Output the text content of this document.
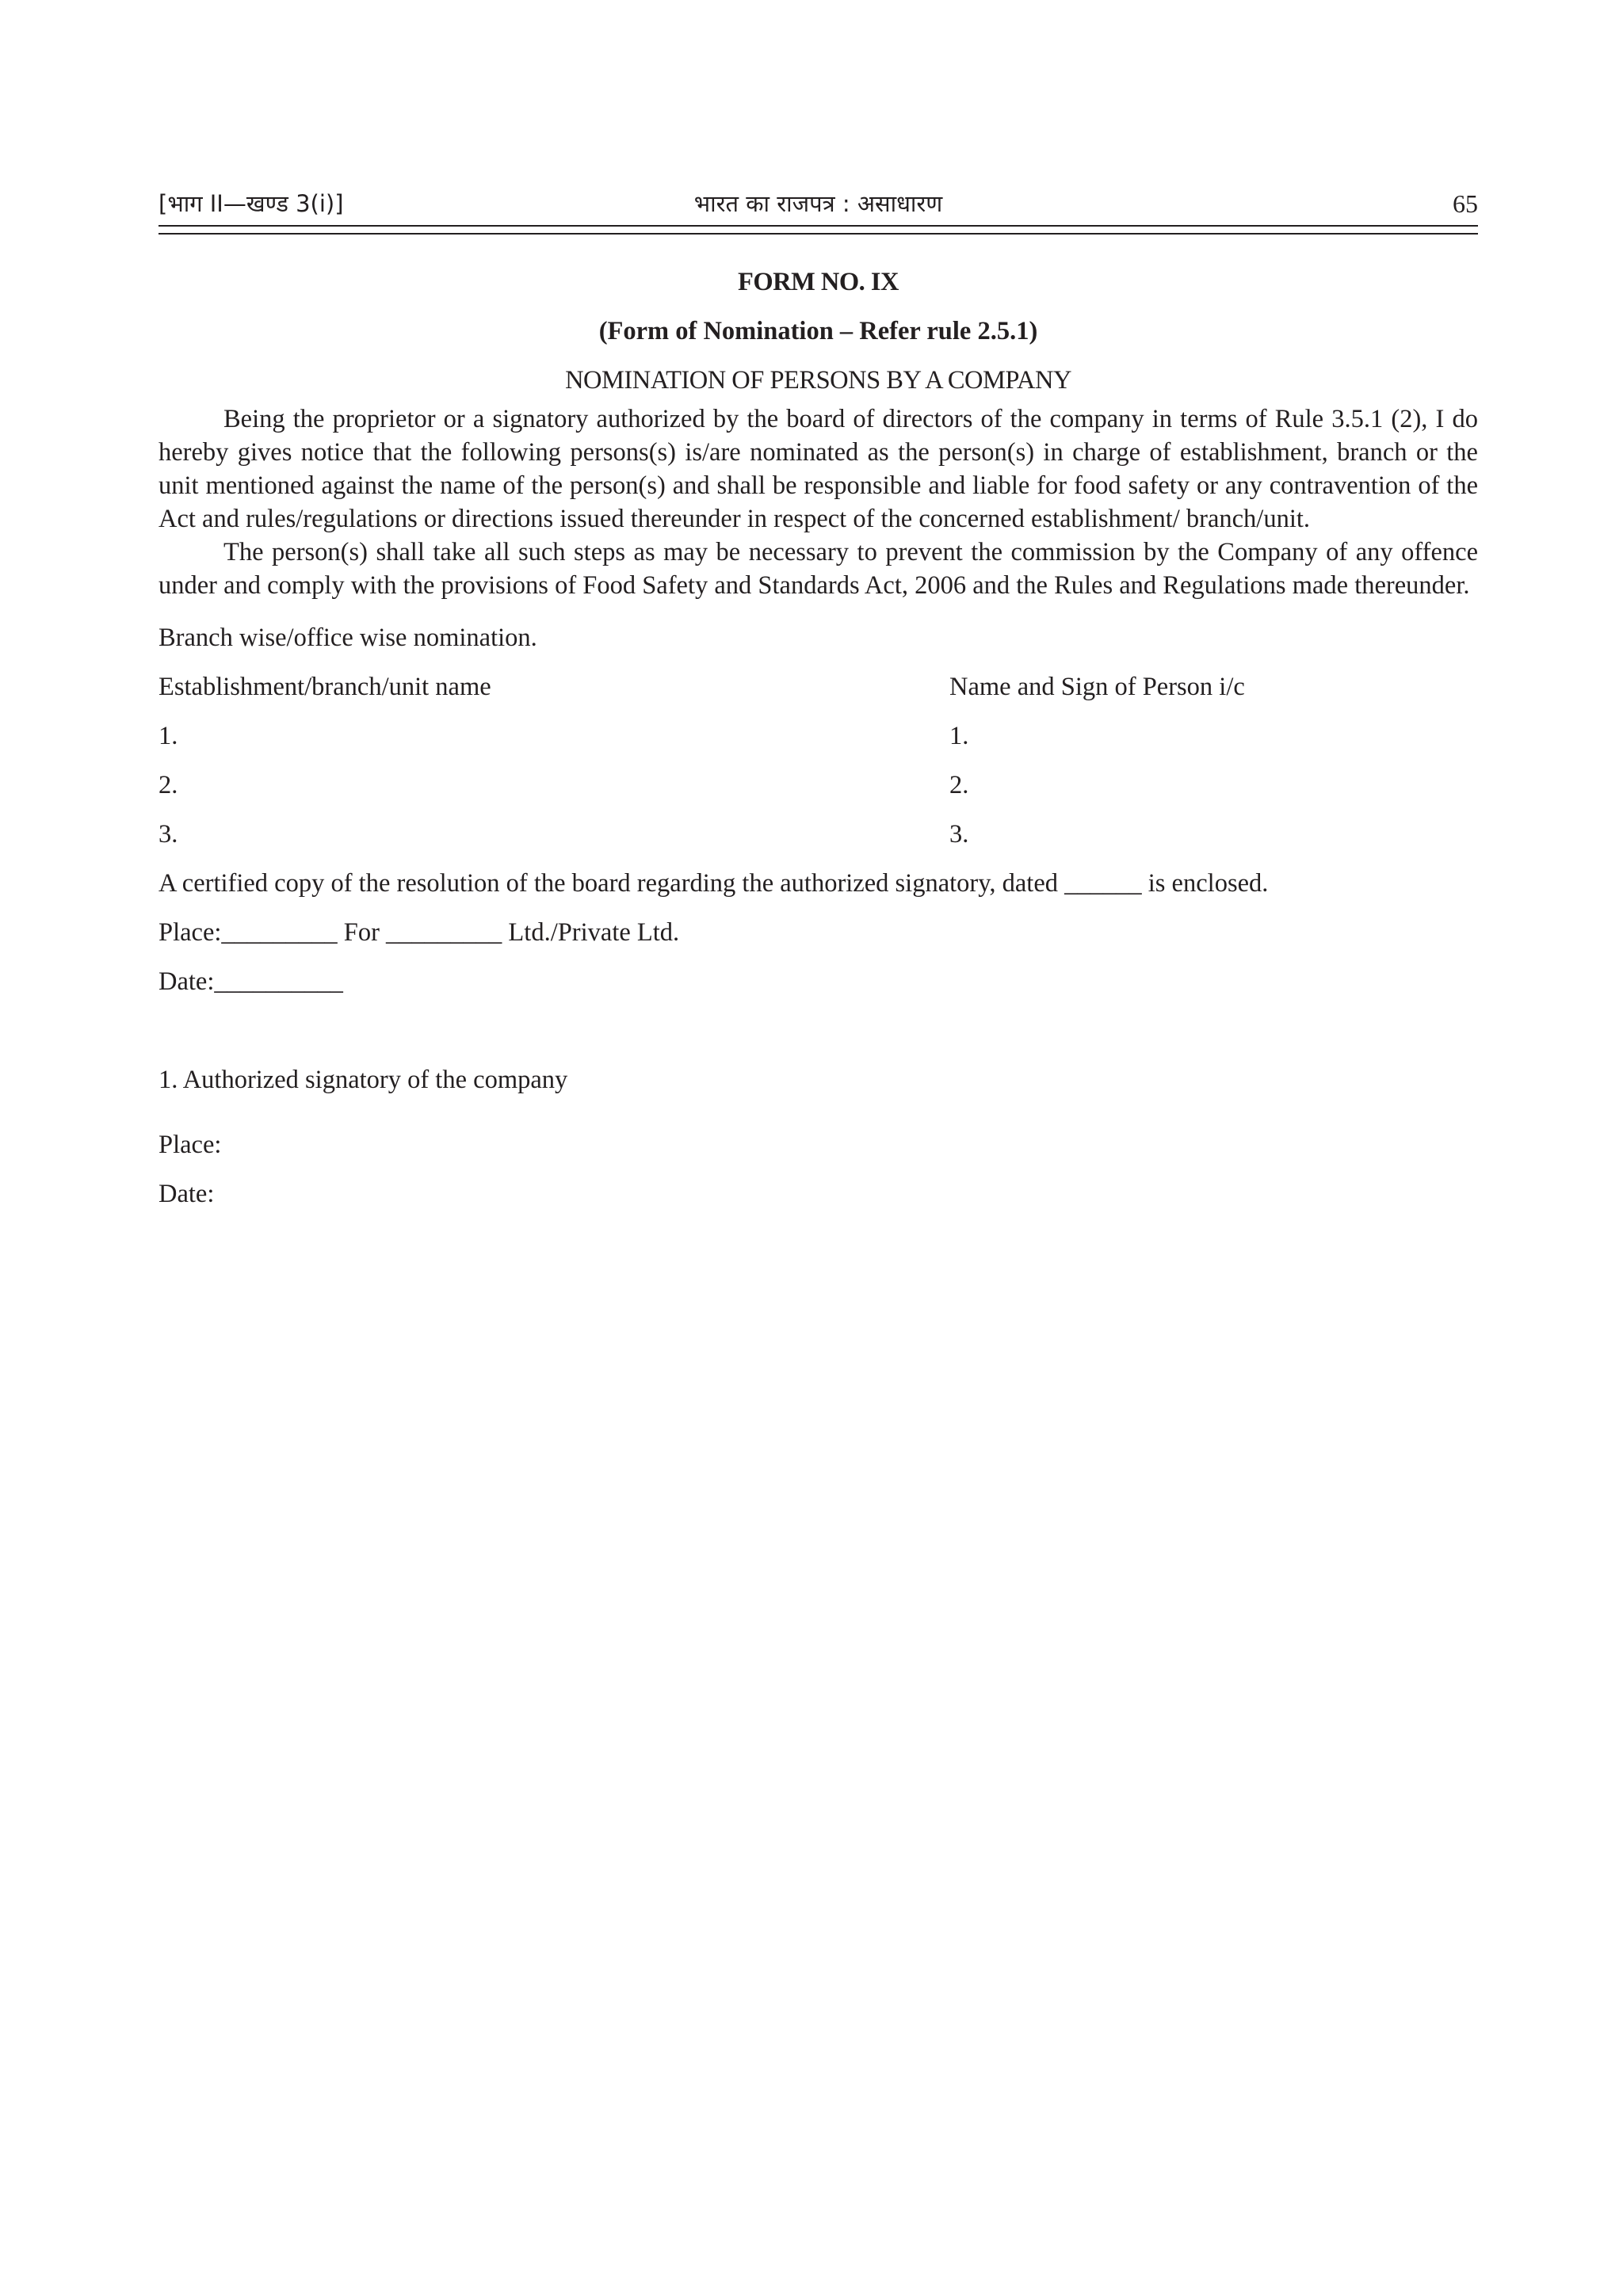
[भाग II—खण्ड 3(i)]	भारत का राजपत्र : असाधारण	65
FORM NO. IX
(Form of Nomination – Refer rule 2.5.1)
NOMINATION OF PERSONS BY A COMPANY

Being the proprietor or a signatory authorized by the board of directors of the company in terms of Rule 3.5.1 (2), I do hereby gives notice that the following persons(s) is/are nominated as the person(s) in charge of establishment, branch or the unit mentioned against the name of the person(s) and shall be responsible and liable for food safety or any contravention of the Act and rules/regulations or directions issued thereunder in respect of the concerned establishment/ branch/unit.

The person(s) shall take all such steps as may be necessary to prevent the commission by the Company of any offence under and comply with the provisions of Food Safety and Standards Act, 2006 and the Rules and Regulations made thereunder.

Branch wise/office wise nomination.
Establishment/branch/unit name	Name and Sign of Person i/c
1.	1.
2.	2.
3.	3.
A certified copy of the resolution of the board regarding the authorized signatory, dated ______ is enclosed.
Place:_________ For _________ Ltd./Private Ltd.
Date:__________
1. Authorized signatory of the company
Place:
Date:
